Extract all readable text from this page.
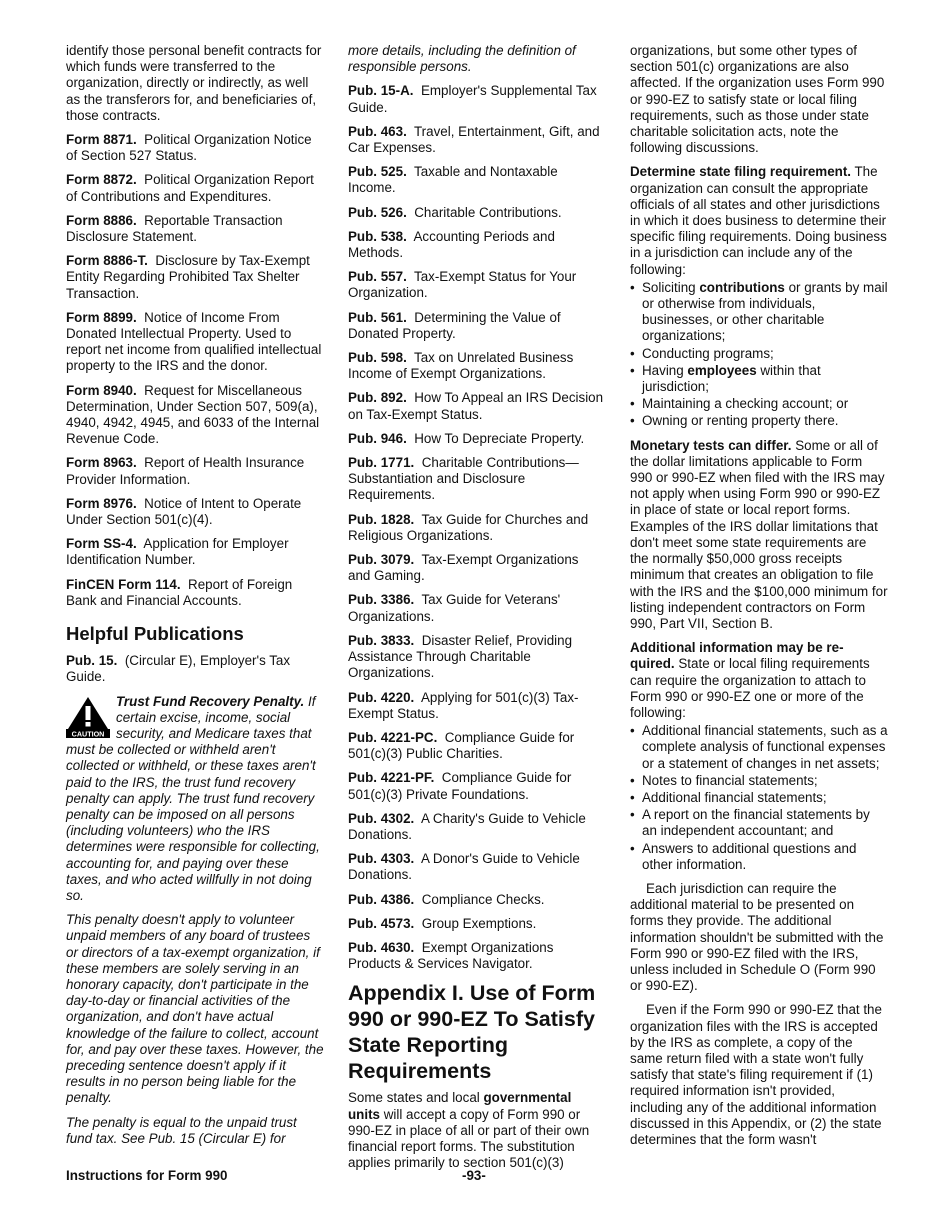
identify those personal benefit contracts for which funds were transferred to the organization, directly or indirectly, as well as the transferors for, and beneficiaries of, those contracts.

Form 8871. Political Organization Notice of Section 527 Status.

Form 8872. Political Organization Report of Contributions and Expenditures.

Form 8886. Reportable Transaction Disclosure Statement.

Form 8886-T. Disclosure by Tax-Exempt Entity Regarding Prohibited Tax Shelter Transaction.

Form 8899. Notice of Income From Donated Intellectual Property. Used to report net income from qualified intellectual property to the IRS and the donor.

Form 8940. Request for Miscellaneous Determination, Under Section 507, 509(a), 4940, 4942, 4945, and 6033 of the Internal Revenue Code.

Form 8963. Report of Health Insurance Provider Information.

Form 8976. Notice of Intent to Operate Under Section 501(c)(4).

Form SS-4. Application for Employer Identification Number.

FinCEN Form 114. Report of Foreign Bank and Financial Accounts.

Helpful Publications

Pub. 15. (Circular E), Employer's Tax Guide.

CAUTION

Trust Fund Recovery Penalty. If certain excise, income, social security, and Medicare taxes that must be collected or withheld aren't collected or withheld, or these taxes aren't paid to the IRS, the trust fund recovery penalty can apply. The trust fund recovery penalty can be imposed on all persons (including volunteers) who the IRS determines were responsible for collecting, accounting for, and paying over these taxes, and who acted willfully in not doing so.

This penalty doesn't apply to volunteer unpaid members of any board of trustees or directors of a tax-exempt organization, if these members are solely serving in an honorary capacity, don't participate in the day-to-day or financial activities of the organization, and don't have actual knowledge of the failure to collect, account for, and pay over these taxes. However, the preceding sentence doesn't apply if it results in no person being liable for the penalty.

The penalty is equal to the unpaid trust fund tax. See Pub. 15 (Circular E) for

more details, including the definition of responsible persons.

Pub. 15-A. Employer's Supplemental Tax Guide.

Pub. 463. Travel, Entertainment, Gift, and Car Expenses.

Pub. 525. Taxable and Nontaxable Income.

Pub. 526. Charitable Contributions.

Pub. 538. Accounting Periods and Methods.

Pub. 557. Tax-Exempt Status for Your Organization.

Pub. 561. Determining the Value of Donated Property.

Pub. 598. Tax on Unrelated Business Income of Exempt Organizations.

Pub. 892. How To Appeal an IRS Decision on Tax-Exempt Status.

Pub. 946. How To Depreciate Property.

Pub. 1771. Charitable Contributions—Substantiation and Disclosure Requirements.

Pub. 1828. Tax Guide for Churches and Religious Organizations.

Pub. 3079. Tax-Exempt Organizations and Gaming.

Pub. 3386. Tax Guide for Veterans' Organizations.

Pub. 3833. Disaster Relief, Providing Assistance Through Charitable Organizations.

Pub. 4220. Applying for 501(c)(3) Tax-Exempt Status.

Pub. 4221-PC. Compliance Guide for 501(c)(3) Public Charities.

Pub. 4221-PF. Compliance Guide for 501(c)(3) Private Foundations.

Pub. 4302. A Charity's Guide to Vehicle Donations.

Pub. 4303. A Donor's Guide to Vehicle Donations.

Pub. 4386. Compliance Checks.

Pub. 4573. Group Exemptions.

Pub. 4630. Exempt Organizations Products & Services Navigator.

Appendix I. Use of Form 990 or 990-EZ To Satisfy State Reporting Requirements

Some states and local governmental units will accept a copy of Form 990 or 990-EZ in place of all or part of their own financial report forms. The substitution applies primarily to section 501(c)(3)

organizations, but some other types of section 501(c) organizations are also affected. If the organization uses Form 990 or 990-EZ to satisfy state or local filing requirements, such as those under state charitable solicitation acts, note the following discussions.

Determine state filing requirement. The organization can consult the appropriate officials of all states and other jurisdictions in which it does business to determine their specific filing requirements. Doing business in a jurisdiction can include any of the following:

• Soliciting contributions or grants by mail or otherwise from individuals, businesses, or other charitable organizations;
• Conducting programs;
• Having employees within that jurisdiction;
• Maintaining a checking account; or
• Owning or renting property there.

Monetary tests can differ. Some or all of the dollar limitations applicable to Form 990 or 990-EZ when filed with the IRS may not apply when using Form 990 or 990-EZ in place of state or local report forms. Examples of the IRS dollar limitations that don't meet some state requirements are the normally $50,000 gross receipts minimum that creates an obligation to file with the IRS and the $100,000 minimum for listing independent contractors on Form 990, Part VII, Section B.

Additional information may be re-quired. State or local filing requirements can require the organization to attach to Form 990 or 990-EZ one or more of the following:

• Additional financial statements, such as a complete analysis of functional expenses or a statement of changes in net assets;
• Notes to financial statements;
• Additional financial statements;
• A report on the financial statements by an independent accountant; and
• Answers to additional questions and other information.

Each jurisdiction can require the additional material to be presented on forms they provide. The additional information shouldn't be submitted with the Form 990 or 990-EZ filed with the IRS, unless included in Schedule O (Form 990 or 990-EZ).

Even if the Form 990 or 990-EZ that the organization files with the IRS is accepted by the IRS as complete, a copy of the same return filed with a state won't fully satisfy that state's filing requirement if (1) required information isn't provided, including any of the additional information discussed in this Appendix, or (2) the state determines that the form wasn't

Instructions for Form 990	-93-
